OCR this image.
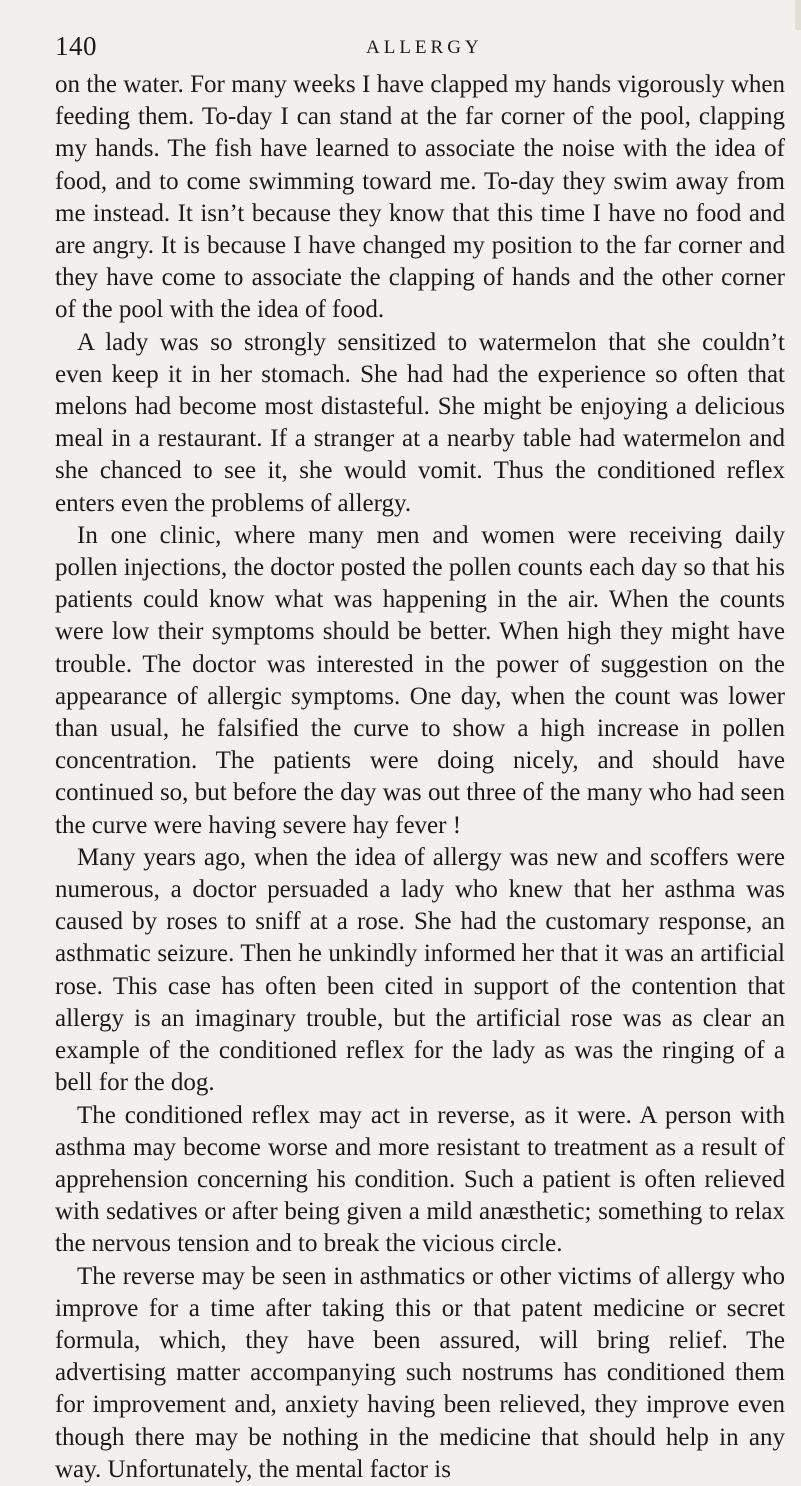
140	ALLERGY

on the water. For many weeks I have clapped my hands vigorously when feeding them. To-day I can stand at the far corner of the pool, clapping my hands. The fish have learned to associate the noise with the idea of food, and to come swimming toward me. To-day they swim away from me instead. It isn’t because they know that this time I have no food and are angry. It is because I have changed my position to the far corner and they have come to associate the clapping of hands and the other corner of the pool with the idea of food.

A lady was so strongly sensitized to watermelon that she couldn’t even keep it in her stomach. She had had the experience so often that melons had become most distasteful. She might be enjoying a delicious meal in a restaurant. If a stranger at a nearby table had watermelon and she chanced to see it, she would vomit. Thus the conditioned reflex enters even the problems of allergy.

In one clinic, where many men and women were receiving daily pollen injections, the doctor posted the pollen counts each day so that his patients could know what was happening in the air. When the counts were low their symptoms should be better. When high they might have trouble. The doctor was interested in the power of suggestion on the appearance of allergic symptoms. One day, when the count was lower than usual, he falsified the curve to show a high increase in pollen concentration. The patients were doing nicely, and should have continued so, but before the day was out three of the many who had seen the curve were having severe hay fever !

Many years ago, when the idea of allergy was new and scoffers were numerous, a doctor persuaded a lady who knew that her asthma was caused by roses to sniff at a rose. She had the customary response, an asthmatic seizure. Then he unkindly informed her that it was an artificial rose. This case has often been cited in support of the contention that allergy is an imaginary trouble, but the artificial rose was as clear an example of the conditioned reflex for the lady as was the ringing of a bell for the dog.

The conditioned reflex may act in reverse, as it were. A person with asthma may become worse and more resistant to treatment as a result of apprehension concerning his condition. Such a patient is often relieved with sedatives or after being given a mild anæsthetic; something to relax the nervous tension and to break the vicious circle.

The reverse may be seen in asthmatics or other victims of allergy who improve for a time after taking this or that patent medicine or secret formula, which, they have been assured, will bring relief. The advertising matter accompanying such nostrums has conditioned them for improvement and, anxiety having been relieved, they improve even though there may be nothing in the medicine that should help in any way. Unfortunately, the mental factor is
